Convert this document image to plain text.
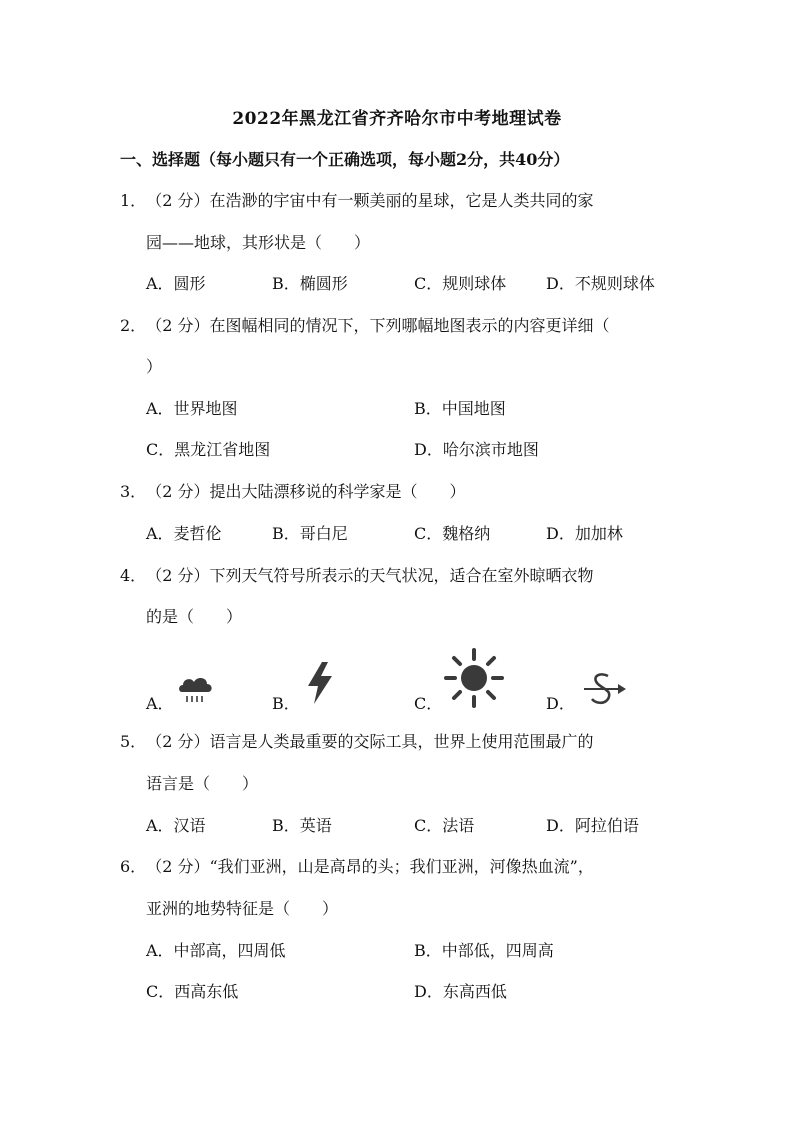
2022年黑龙江省齐齐哈尔市中考地理试卷
一、选择题（每小题只有一个正确选项，每小题2分，共40分）
1．（2 分）在浩渺的宇宙中有一颗美丽的星球，它是人类共同的家
园——地球，其形状是（　　）
A．圆形	B．椭圆形	C．规则球体 D．不规则球体
2．（2 分）在图幅相同的情况下，下列哪幅地图表示的内容更详细（
）
A．世界地图	B．中国地图
C．黑龙江省地图	D．哈尔滨市地图
3．（2 分）提出大陆漂移说的科学家是（　　）
A．麦哲伦	B．哥白尼	C．魏格纳	D．加加林
4．（2 分）下列天气符号所表示的天气状况，适合在室外晾晒衣物
的是（　　）
A．	B．	C．	D．
5．（2 分）语言是人类最重要的交际工具，世界上使用范围最广的
语言是（　　）
A．汉语	B．英语	C．法语	D．阿拉伯语
6．（2 分）“我们亚洲，山是高昂的头；我们亚洲，河像热血流”，
亚洲的地势特征是（　　）
A．中部高，四周低	B．中部低，四周高
C．西高东低	D．东高西低
